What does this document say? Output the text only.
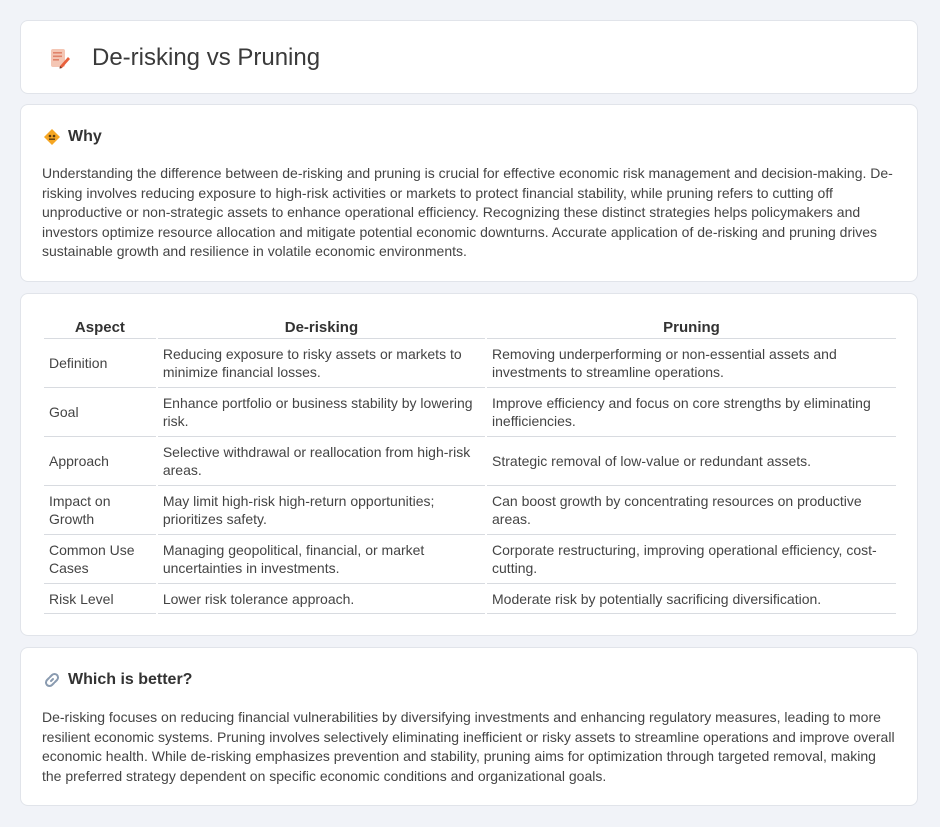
De-risking vs Pruning
Why

Understanding the difference between de-risking and pruning is crucial for effective economic risk management and decision-making. De-risking involves reducing exposure to high-risk activities or markets to protect financial stability, while pruning refers to cutting off unproductive or non-strategic assets to enhance operational efficiency. Recognizing these distinct strategies helps policymakers and investors optimize resource allocation and mitigate potential economic downturns. Accurate application of de-risking and pruning drives sustainable growth and resilience in volatile economic environments.

Aspect	De-risking	Pruning
Definition	Reducing exposure to risky assets or markets to minimize financial losses.	Removing underperforming or non-essential assets and investments to streamline operations.
Goal	Enhance portfolio or business stability by lowering risk.	Improve efficiency and focus on core strengths by eliminating inefficiencies.
Approach	Selective withdrawal or reallocation from high-risk areas.	Strategic removal of low-value or redundant assets.
Impact on Growth	May limit high-risk high-return opportunities; prioritizes safety.	Can boost growth by concentrating resources on productive areas.
Common Use Cases	Managing geopolitical, financial, or market uncertainties in investments.	Corporate restructuring, improving operational efficiency, cost-cutting.
Risk Level	Lower risk tolerance approach.	Moderate risk by potentially sacrificing diversification.
Which is better?

De-risking focuses on reducing financial vulnerabilities by diversifying investments and enhancing regulatory measures, leading to more resilient economic systems. Pruning involves selectively eliminating inefficient or risky assets to streamline operations and improve overall economic health. While de-risking emphasizes prevention and stability, pruning aims for optimization through targeted removal, making the preferred strategy dependent on specific economic conditions and organizational goals.
